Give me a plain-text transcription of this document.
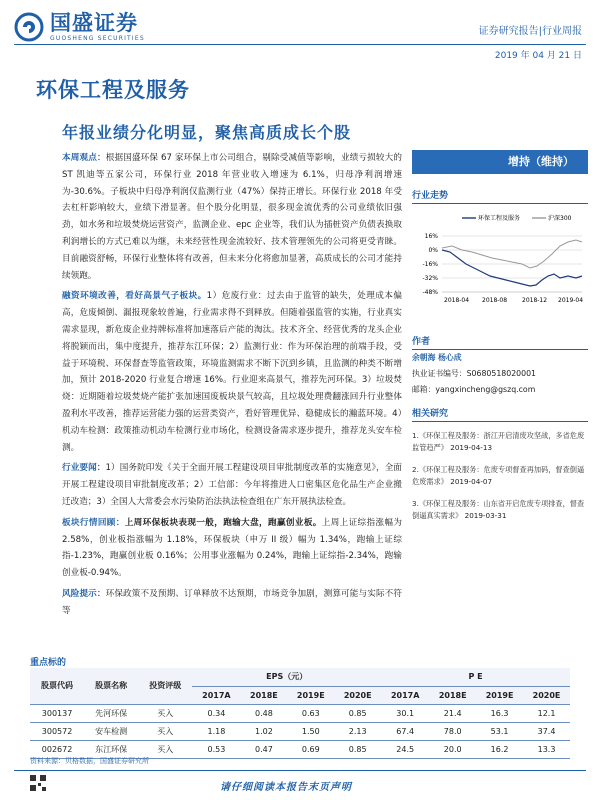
国盛证券
GUOSHENG SECURITIES
证券研究报告|行业周报
2019 年 04 月 21 日
环保工程及服务
年报业绩分化明显，聚焦高质成长个股

本周观点：根据国盛环保 67 家环保上市公司组合，剔除受减值等影响，业绩亏损较大的 ST 凯迪等五家公司，环保行业 2018 年营业收入增速为 6.1%，归母净利润增速为-30.6%。子板块中归母净利润仅监测行业（47%）保持正增长。环保行业 2018 年受去杠杆影响较大，业绩下滑显著。但个股分化明显，很多现金流优秀的公司业绩依旧强劲，如水务和垃圾焚烧运营资产，监测企业、epc 企业等，我们认为插桩资产负债表换取利润增长的方式已难以为继，未来经营性现金流较好、技术管理领先的公司将更受青睐。目前融资舒畅，环保行业整体将有改善，但未来分化将愈加显著，高质成长的公司才能持续领跑。

融资环境改善，看好高景气子板块。1）危废行业：过去由于监管的缺失，处理成本偏高，危废倾倒、漏报现象较普遍，行业需求得不到释放。但随着强监管的实施，行业真实需求显现，新危废企业持牌标准将加速落后产能的淘汰。技术齐全、经营优秀的龙头企业将脱颖而出，集中度提升，推荐东江环保；2）监测行业：作为环保治理的前端手段，受益于环境税、环保督查等监管政策，环境监测需求不断下沉到乡镇，且监测的种类不断增加，预计 2018-2020 行业复合增速 16%。行业迎来高景气，推荐先河环保。3）垃圾焚烧：近期随着垃圾焚烧产能扩张加速国废板块景气较高，且垃圾处理费翻涨回升行业整体盈利水平改善，推荐运营能力强的运营类资产，看好管理优异、稳健成长的瀚蓝环境。4）机动车检测：政策推动机动车检测行业市场化，检测设备需求逐步提升，推荐龙头安车检测。

行业要闻：1）国务院印发《关于全面开展工程建设项目审批制度改革的实施意见》，全面开展工程建设项目审批制度改革；2）工信部：今年将推进人口密集区危化品生产企业搬迁改造；3）全国人大常委会水污染防治法执法检查组在广东开展执法检查。

板块行情回顾：上周环保板块表现一般，跑输大盘，跑赢创业板。上周上证综指涨幅为 2.58%，创业板指涨幅为 1.18%，环保板块（申万 II 级）幅为 1.34%，跑输上证综指-1.23%，跑赢创业板 0.16%；公用事业涨幅为 0.24%，跑输上证综指-2.34%，跑输创业板-0.94%。

风险提示：环保政策不及预期、订单释放不达预期，市场竞争加剧，测算可能与实际不符等

增持（维持）
行业走势
16%
0%
-16%
-32%
-48%
2018-04 2018-08 2018-12 2019-04
环保工程及服务	沪深300
作者
余朝海 杨心成
执业证书编号：S0680518020001
邮箱：yangxincheng@gszq.com
相关研究
1.《环保工程及服务：浙江开启清废攻坚战，多省危废监管趋严》 2019-04-13
2.《环保工程及服务：危废专项督查再加码，督查倒逼危废需求》 2019-04-07
3.《环保工程及服务：山东省开启危废专项排查，督查倒逼真实需求》 2019-03-31
重点标的
股票代码	股票名称	投资评级	EPS（元）				P E			
			2017A	2018E	2019E	2020E	2017A	2018E	2019E	2020E
300137	先河环保	买入	0.34	0.48	0.63	0.85	30.1	21.4	16.3	12.1
300572	安车检测	买入	1.18	1.02	1.50	2.13	67.4	78.0	53.1	37.4
002672	东江环保	买入	0.53	0.47	0.69	0.85	24.5	20.0	16.2	13.3
资料来源：贝格数据，国盛证券研究所
请仔细阅读本报告末页声明
